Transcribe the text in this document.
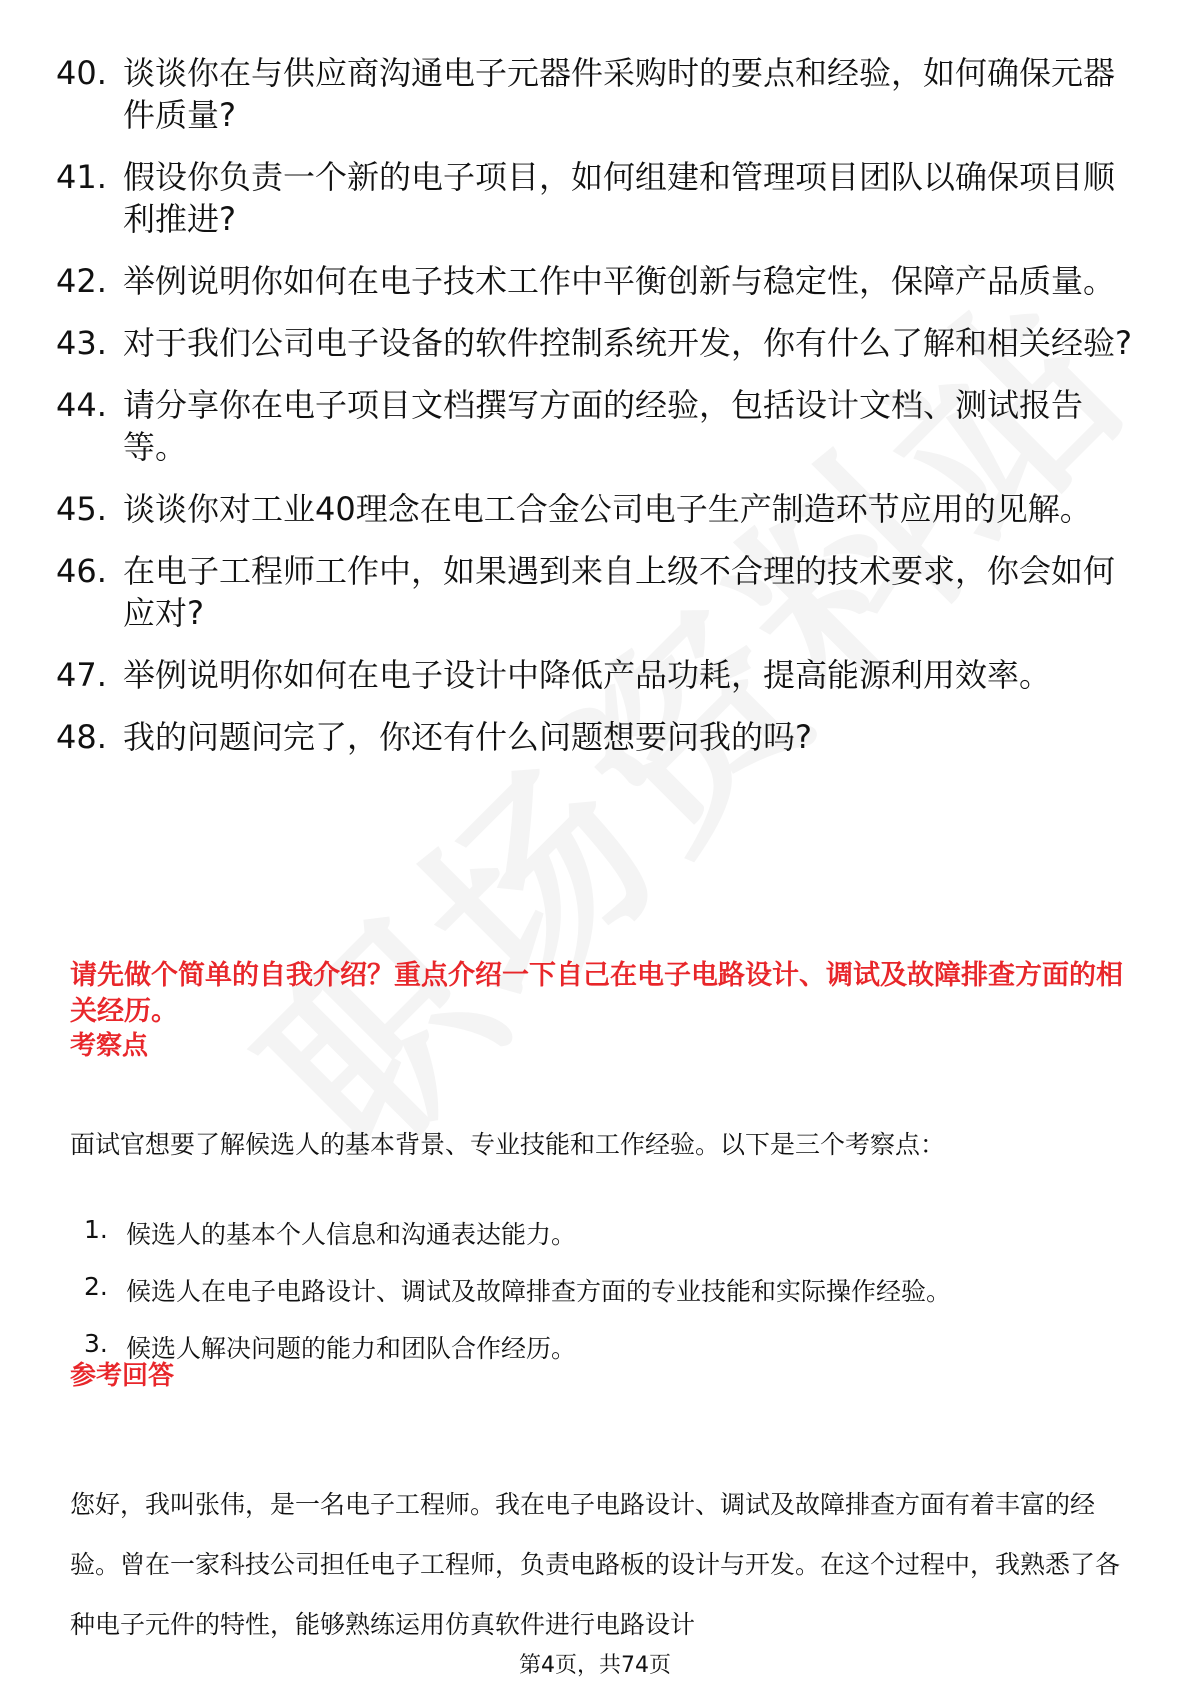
40. 谈谈你在与供应商沟通电子元器件采购时的要点和经验，如何确保元器件质量?
41. 假设你负责一个新的电子项目，如何组建和管理项目团队以确保项目顺利推进?
42. 举例说明你如何在电子技术工作中平衡创新与稳定性，保障产品质量。
43. 对于我们公司电子设备的软件控制系统开发，你有什么了解和相关经验?
44. 请分享你在电子项目文档撰写方面的经验，包括设计文档、测试报告等。
45. 谈谈你对工业40理念在电工合金公司电子生产制造环节应用的见解。
46. 在电子工程师工作中，如果遇到来自上级不合理的技术要求，你会如何应对?
47. 举例说明你如何在电子设计中降低产品功耗，提高能源利用效率。
48. 我的问题问完了，你还有什么问题想要问我的吗?
请先做个简单的自我介绍？重点介绍一下自己在电子电路设计、调试及故障排查方面的相关经历。
考察点
面试官想要了解候选人的基本背景、专业技能和工作经验。以下是三个考察点：
1. 候选人的基本个人信息和沟通表达能力。
2. 候选人在电子电路设计、调试及故障排查方面的专业技能和实际操作经验。
3. 候选人解决问题的能力和团队合作经历。
参考回答

您好，我叫张伟，是一名电子工程师。我在电子电路设计、调试及故障排查方面有着丰富的经验。曾在一家科技公司担任电子工程师，负责电路板的设计与开发。在这个过程中，我熟悉了各种电子元件的特性，能够熟练运用仿真软件进行电路设计

第4页，共74页
